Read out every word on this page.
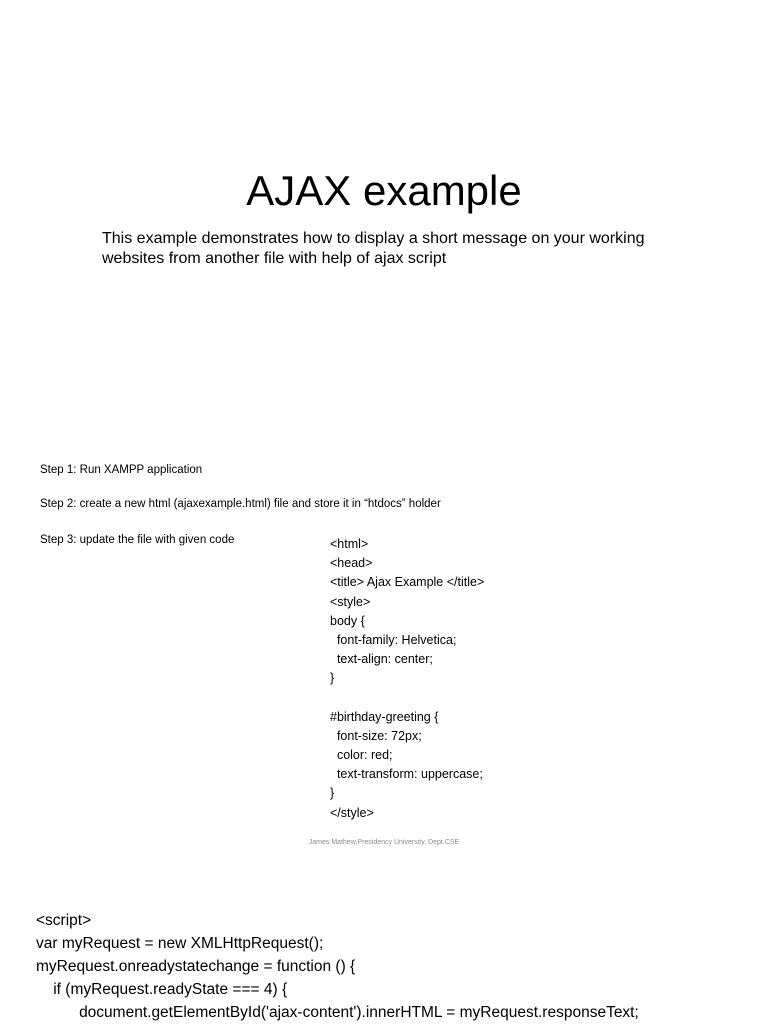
AJAX example

This example demonstrates how to display a short message on your working websites from another file with help of ajax script

Step 1: Run XAMPP application

Step 2: create a new html (ajaxexample.html) file and store it in “htdocs” holder

Step 3: update the file with given code	<html>
<head>
<title> Ajax Example </title>
<style>
body {
font-family: Helvetica;
text-align: center;
}
#birthday-greeting {
font-size: 72px;
color: red;
text-transform: uppercase;
}
</style>

James Mathew,Presidency University, Dept.CSE

<script>
var myRequest = new XMLHttpRequest();
myRequest.onreadystatechange = function () {
if (myRequest.readyState === 4) {
document.getElementById('ajax-content').innerHTML = myRequest.responseText;
